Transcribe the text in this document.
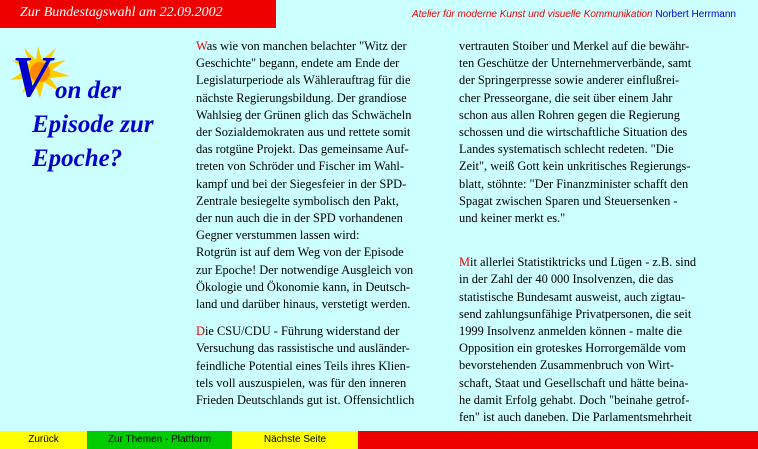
Zur Bundestagswahl am 22.09.2002	Atelier für moderne Kunst und visuelle Kommunikation Norbert Herrmann
V on der
Episode zur
Epoche?

Was wie von manchen belachter "Witz der
Geschichte" begann, endete am Ende der
Legislaturperiode als Wählerauftrag für die
nächste Regierungsbildung. Der grandiose
Wahlsieg der Grünen glich das Schwächeln
der Sozialdemokraten aus und rettete somit
das rotgüne Projekt. Das gemeinsame Auf-
treten von Schröder und Fischer im Wahl-
kampf und bei der Siegesfeier in der SPD-
Zentrale besiegelte symbolisch den Pakt,
der nun auch die in der SPD vorhandenen
Gegner verstummen lassen wird:

Rotgrün ist auf dem Weg von der Episode
zur Epoche! Der notwendige Ausgleich von
Ökologie und Ökonomie kann, in Deutsch-
land und darüber hinaus, verstetigt werden.

Die CSU/CDU - Führung widerstand der
Versuchung das rassistische und ausländer-
feindliche Potential eines Teils ihres Klien-
tels voll auszuspielen, was für den inneren
Frieden Deutschlands gut ist. Offensichtlich

vertrauten Stoiber und Merkel auf die bewähr-
ten Geschütze der Unternehmerverbände, samt
der Springerpresse sowie anderer einflußrei-
cher Presseorgane, die seit über einem Jahr
schon aus allen Rohren gegen die Regierung
schossen und die wirtschaftliche Situation des
Landes systematisch schlecht redeten. "Die
Zeit", weiß Gott kein unkritisches Regierungs-
blatt, stöhnte: "Der Finanzminister schafft den
Spagat zwischen Sparen und Steuersenken -
und keiner merkt es."

Mit allerlei Statistiktricks und Lügen - z.B. sind
in der Zahl der 40 000 Insolvenzen, die das
statistische Bundesamt ausweist, auch zigtau-
send zahlungsunfähige Privatpersonen, die seit
1999 Insolvenz anmelden können - malte die
Opposition ein groteskes Horrorgemälde vom
bevorstehenden Zusammenbruch von Wirt-
schaft, Staat und Gesellschaft und hätte beina-
he damit Erfolg gehabt. Doch "beinahe getrof-
fen" ist auch daneben. Die Parlamentsmehrheit

Zurück	Zur Themen - Plattform	Nächste Seite
